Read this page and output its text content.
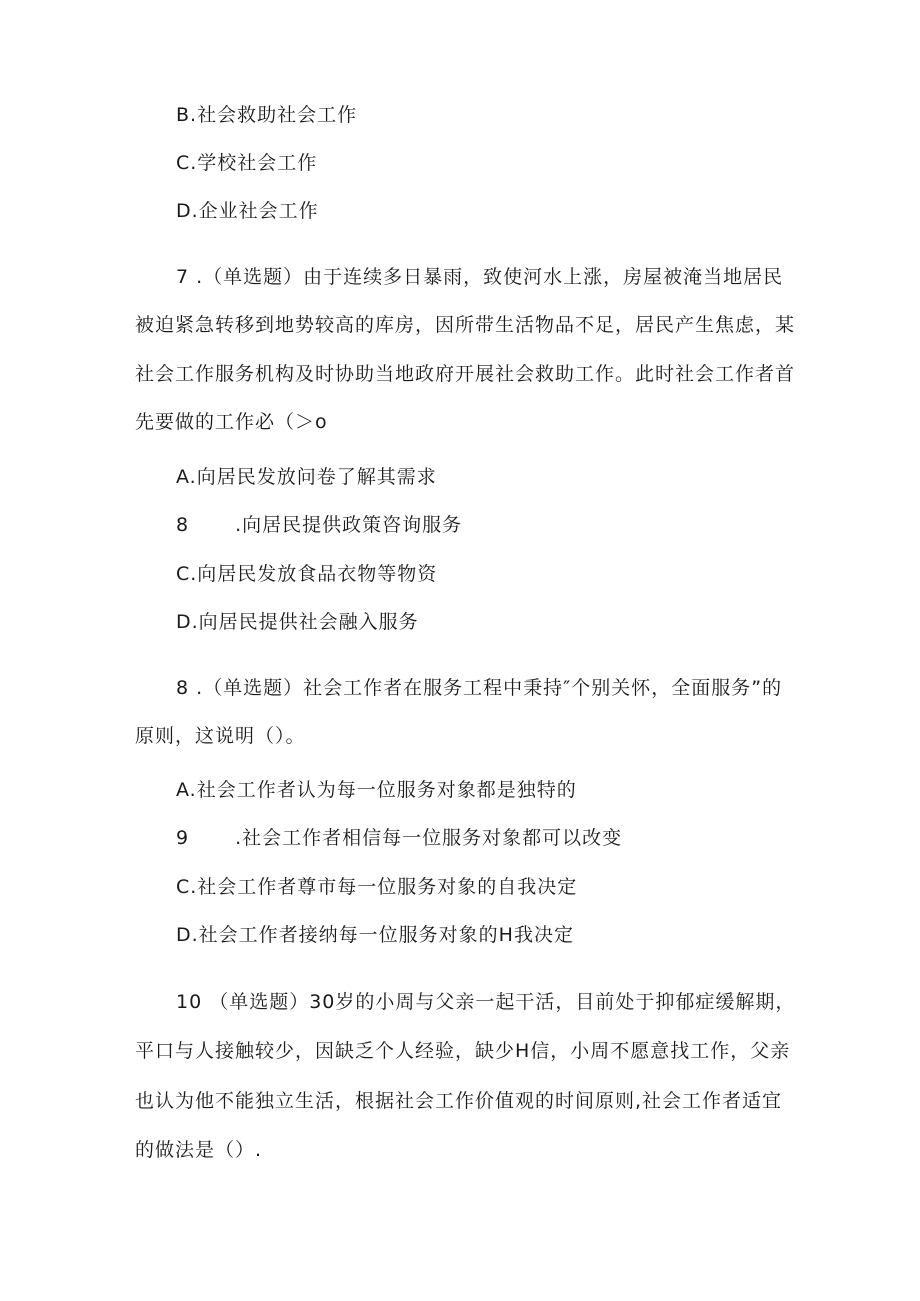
B.社会救助社会工作
C.学校社会工作
D.企业社会工作
7 .（单选题）由于连续多日暴雨，致使河水上涨，房屋被淹当地居民
被迫紧急转移到地势较高的库房，因所带生活物品不足，居民产生焦虑，某
社会工作服务机构及时协助当地政府开展社会救助工作。此时社会工作者首
先要做的工作必（＞o
A.向居民发放问卷了解其需求
8 .向居民提供政策咨询服务
C.向居民发放食品衣物等物资
D.向居民提供社会融入服务
8 .（单选题）社会工作者在服务工程中秉持″个别关怀，全面服务”的
原则，这说明（）。
A.社会工作者认为每一位服务对象都是独特的
9 .社会工作者相信每一位服务对象都可以改变
C.社会工作者尊市每一位服务对象的自我决定
D.社会工作者接纳每一位服务对象的H我决定
10 （单选题）30岁的小周与父亲一起干活，目前处于抑郁症缓解期，
平口与人接触较少，因缺乏个人经验，缺少H信，小周不愿意找工作，父亲
也认为他不能独立生活，根据社会工作价值观的时间原则,社会工作者适宜
的做法是（）.
